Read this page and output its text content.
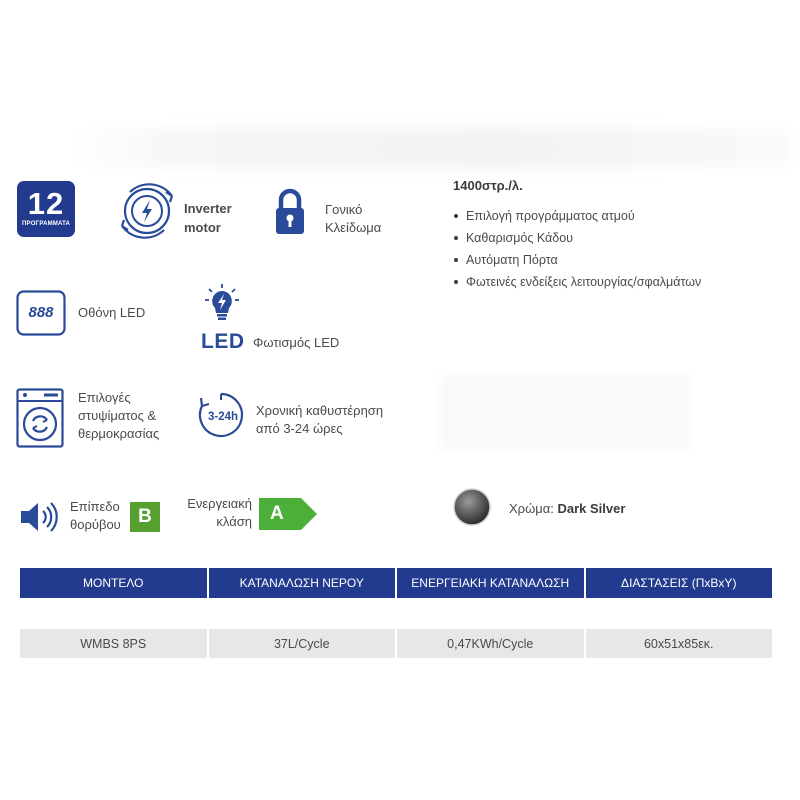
12
ΠΡΟΓΡΑΜΜΑΤΑ
Inverter
motor
Γονικό
Κλείδωμα
1400στρ./λ.
Επιλογή προγράμματος ατμού
Καθαρισμός Κάδου
Αυτόματη Πόρτα
Φωτεινές ενδείξεις λειτουργίας/σφαλμάτων
888 Οθόνη LED
LED Φωτισμός LED
Επιλογές
στυψίματος &
θερμοκρασίας
3-24h Χρονική καθυστέρηση
από 3-24 ώρες
Επίπεδο
θορύβου B
Ενεργειακή
κλάση A	Χρώμα: Dark Silver
ΜΟΝΤΕΛΟ	ΚΑΤΑΝΑΛΩΣΗ ΝΕΡΟΥ	ΕΝΕΡΓΕΙΑΚΗ ΚΑΤΑΝΑΛΩΣΗ	ΔΙΑΣΤΑΣΕΙΣ (ΠxΒxΥ)

WMBS 8PS	37L/Cycle	0,47KWh/Cycle	60x51x85εκ.
